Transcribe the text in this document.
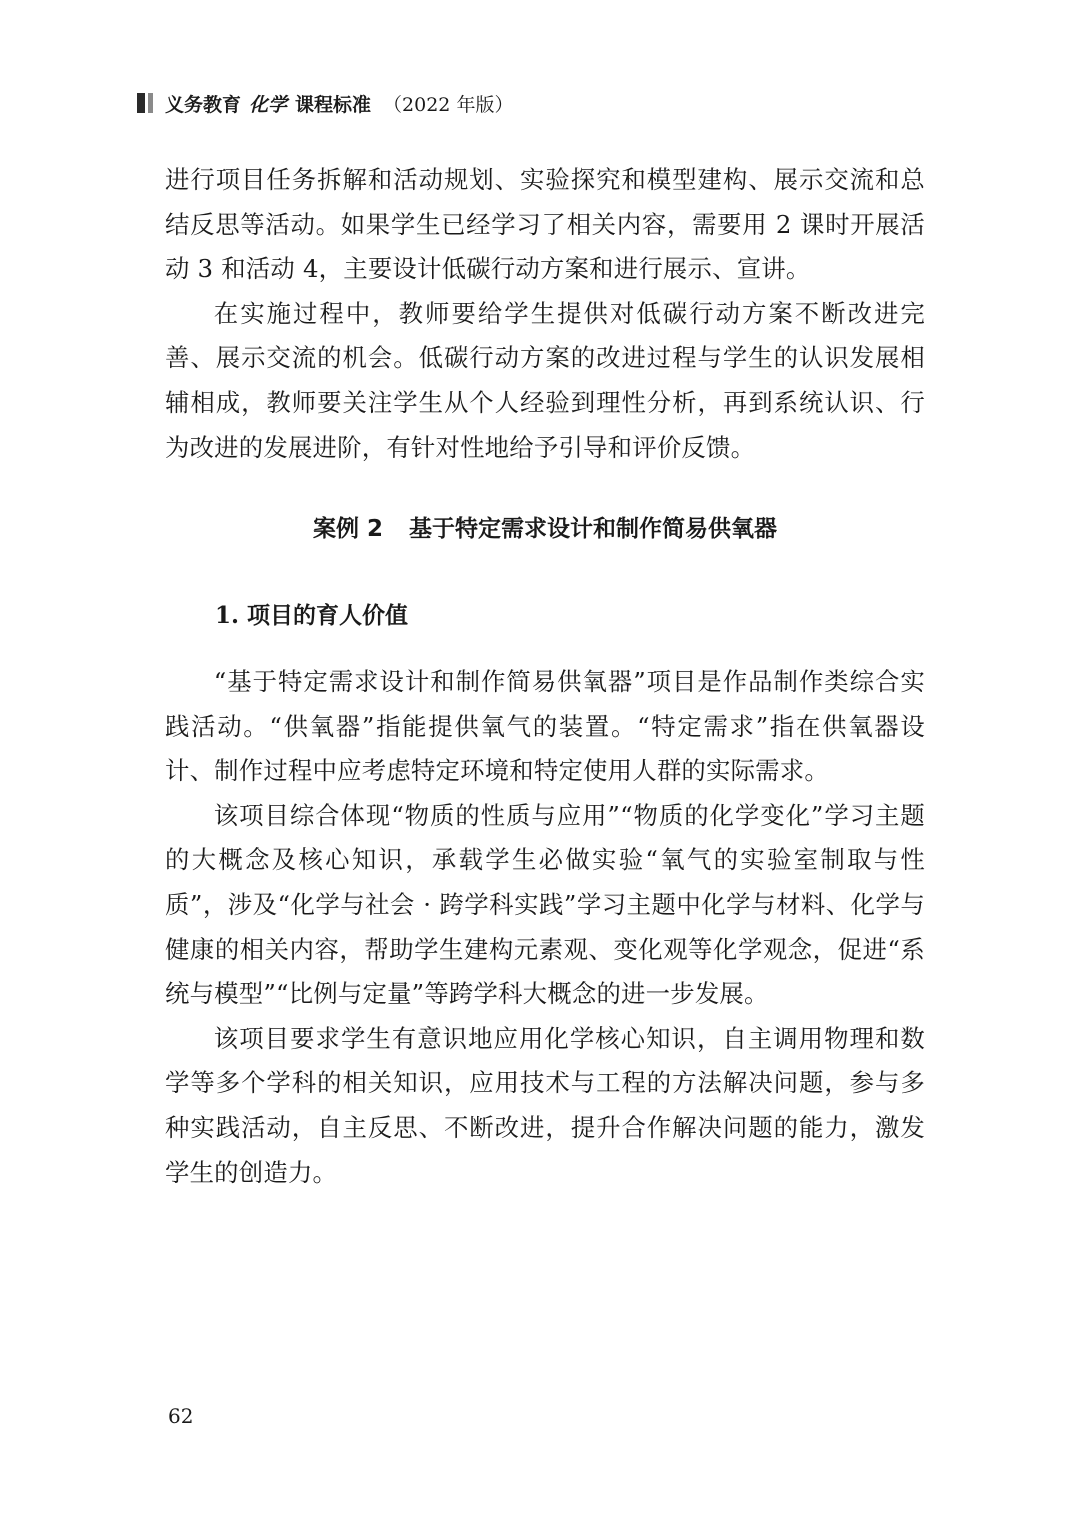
义务教育 化学 课程标准 （2022 年版）

进行项目任务拆解和活动规划、实验探究和模型建构、展示交流和总结反思等活动。如果学生已经学习了相关内容，需要用 2 课时开展活动 3 和活动 4，主要设计低碳行动方案和进行展示、宣讲。

在实施过程中，教师要给学生提供对低碳行动方案不断改进完善、展示交流的机会。低碳行动方案的改进过程与学生的认识发展相辅相成，教师要关注学生从个人经验到理性分析，再到系统认识、行为改进的发展进阶，有针对性地给予引导和评价反馈。

案例 2 基于特定需求设计和制作简易供氧器
1. 项目的育人价值

“基于特定需求设计和制作简易供氧器”项目是作品制作类综合实践活动。“供氧器”指能提供氧气的装置。“特定需求”指在供氧器设计、制作过程中应考虑特定环境和特定使用人群的实际需求。

该项目综合体现“物质的性质与应用”“物质的化学变化”学习主题的大概念及核心知识，承载学生必做实验“氧气的实验室制取与性质”，涉及“化学与社会 · 跨学科实践”学习主题中化学与材料、化学与健康的相关内容，帮助学生建构元素观、变化观等化学观念，促进“系统与模型”“比例与定量”等跨学科大概念的进一步发展。

该项目要求学生有意识地应用化学核心知识，自主调用物理和数学等多个学科的相关知识，应用技术与工程的方法解决问题，参与多种实践活动，自主反思、不断改进，提升合作解决问题的能力，激发学生的创造力。

62
